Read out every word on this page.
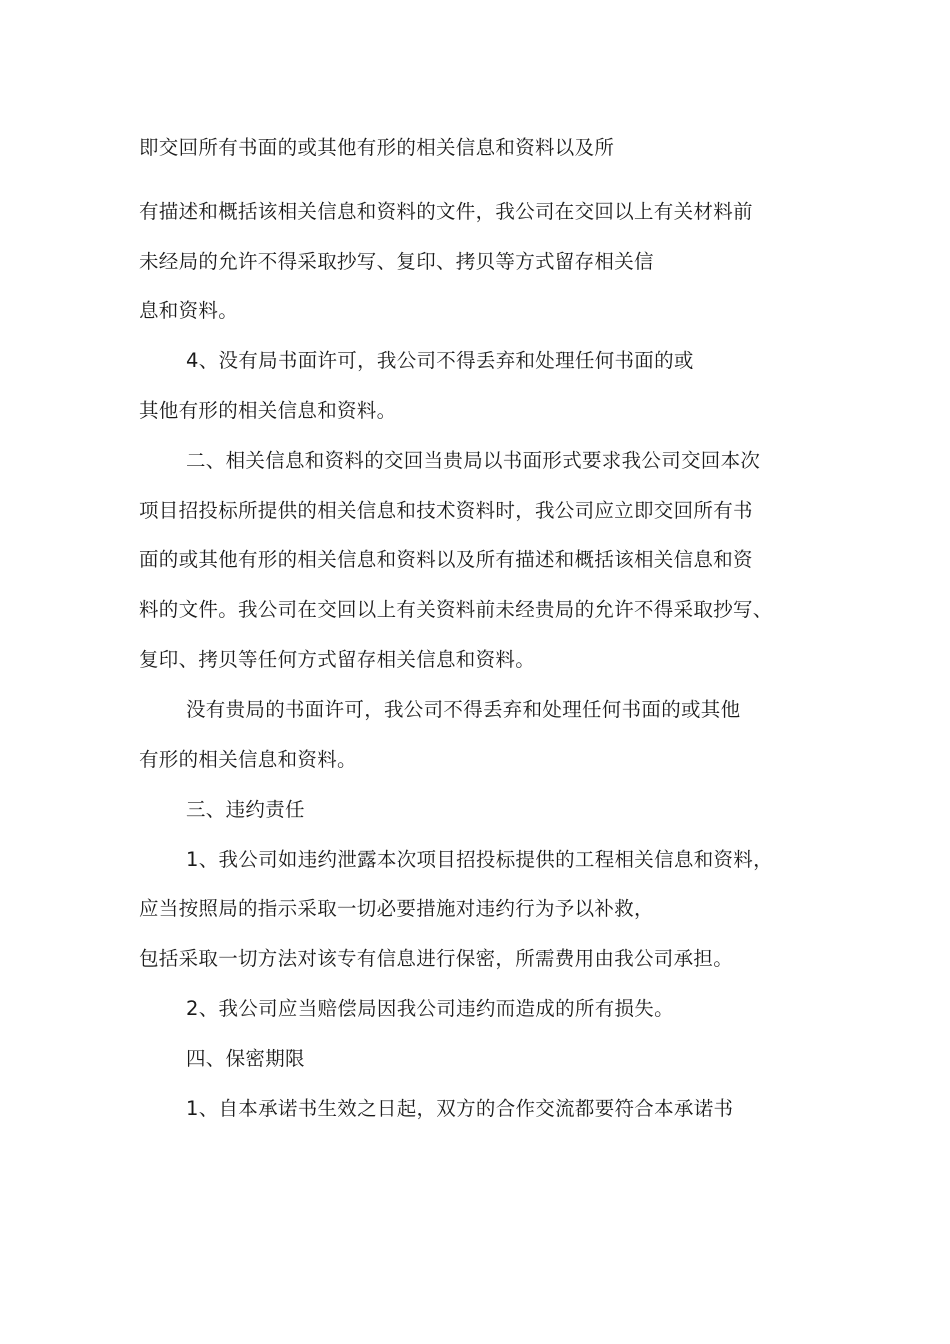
即交回所有书面的或其他有形的相关信息和资料以及所
有描述和概括该相关信息和资料的文件，我公司在交回以上有关材料前
未经局的允许不得采取抄写、复印、拷贝等方式留存相关信
息和资料。
4、没有局书面许可，我公司不得丢弃和处理任何书面的或
其他有形的相关信息和资料。
二、相关信息和资料的交回当贵局以书面形式要求我公司交回本次
项目招投标所提供的相关信息和技术资料时，我公司应立即交回所有书
面的或其他有形的相关信息和资料以及所有描述和概括该相关信息和资
料的文件。我公司在交回以上有关资料前未经贵局的允许不得采取抄写、
复印、拷贝等任何方式留存相关信息和资料。
没有贵局的书面许可，我公司不得丢弃和处理任何书面的或其他
有形的相关信息和资料。
三、违约责任
1、我公司如违约泄露本次项目招投标提供的工程相关信息和资料，
应当按照局的指示采取一切必要措施对违约行为予以补救，
包括采取一切方法对该专有信息进行保密，所需费用由我公司承担。
2、我公司应当赔偿局因我公司违约而造成的所有损失。
四、保密期限
1、自本承诺书生效之日起，双方的合作交流都要符合本承诺书
